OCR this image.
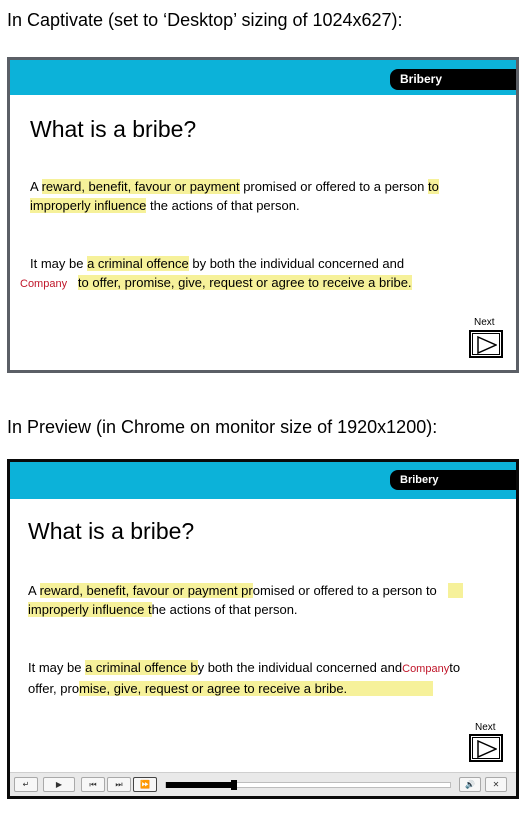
In Captivate (set to ‘Desktop’ sizing of 1024x627):
Bribery
What is a bribe?
A reward, benefit, favour or payment promised or offered to a person to
improperly influence the actions of that person.
It may be a criminal offence by both the individual concerned and
Company to offer, promise, give, request or agree to receive a bribe.
Next
In Preview (in Chrome on monitor size of 1920x1200):
Bribery
What is a bribe?
A reward, benefit, favour or payment promised or offered to a person to
improperly influence the actions of that person.
It may be a criminal offence by both the individual concerned andCompanyto
offer, promise, give, request or agree to receive a bribe.
Next
↵	▶	⏮	⏭	⏩	🔊	✕
